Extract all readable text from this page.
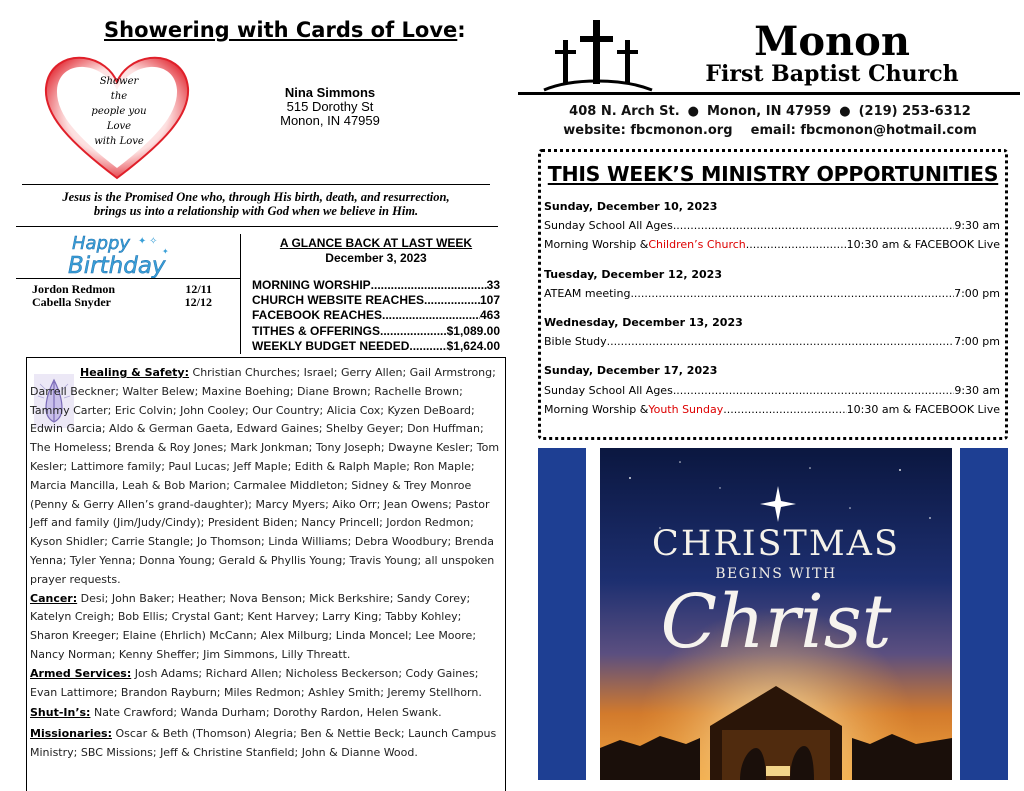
Showering with Cards of Love:
Shower
the
people you
Love
with Love
Nina Simmons
515 Dorothy St
Monon, IN 47959
Jesus is the Promised One who, through His birth, death, and resurrection,
brings us into a relationship with God when we believe in Him.
Happy
Birthday
✦ ✧
✦
Jordon Redmon	12/11
Cabella Snyder	12/12
A GLANCE BACK AT LAST WEEK
December 3, 2023
MORNING WORSHIP .....	33
CHURCH WEBSITE REACHES .....	107
FACEBOOK REACHES .....	463
TITHES & OFFERINGS .....	$1,089.00
WEEKLY BUDGET NEEDED .....	$1,624.00

Healing & Safety: Christian Churches; Israel; Gerry Allen; Gail Armstrong; Darrell Beckner; Walter Belew; Maxine Boehing; Diane Brown; Rachelle Brown; Tammy Carter; Eric Colvin; John Cooley; Our Country; Alicia Cox; Kyzen DeBoard; Edwin Garcia; Aldo & German Gaeta, Edward Gaines; Shelby Geyer; Don Huffman; The Homeless; Brenda & Roy Jones; Mark Jonkman; Tony Joseph; Dwayne Kesler; Tom Kesler; Lattimore family; Paul Lucas; Jeff Maple; Edith & Ralph Maple; Ron Maple; Marcia Mancilla, Leah & Bob Marion; Carmalee Middleton; Sidney & Trey Monroe (Penny & Gerry Allen’s grand-daughter); Marcy Myers; Aiko Orr; Jean Owens; Pastor Jeff and family (Jim/Judy/Cindy); President Biden; Nancy Princell; Jordon Redmon; Kyson Shidler; Carrie Stangle; Jo Thomson; Linda Williams; Debra Woodbury; Brenda Yenna; Tyler Yenna; Donna Young; Gerald & Phyllis Young; Travis Young; all unspoken prayer requests.

Cancer: Desi; John Baker; Heather; Nova Benson; Mick Berkshire; Sandy Corey; Katelyn Creigh; Bob Ellis; Crystal Gant; Kent Harvey; Larry King; Tabby Kohley; Sharon Kreeger; Elaine (Ehrlich) McCann; Alex Milburg; Linda Moncel; Lee Moore; Nancy Norman; Kenny Sheffer; Jim Simmons, Lilly Threatt.

Armed Services: Josh Adams; Richard Allen; Nicholess Beckerson; Cody Gaines; Evan Lattimore; Brandon Rayburn; Miles Redmon; Ashley Smith; Jeremy Stellhorn.

Shut-In’s: Nate Crawford; Wanda Durham; Dorothy Rardon, Helen Swank.

Missionaries: Oscar & Beth (Thomson) Alegria; Ben & Nettie Beck; Launch Campus Ministry; SBC Missions; Jeff & Christine Stanfield; John & Dianne Wood.

Monon
First Baptist Church
408 N. Arch St. ● Monon, IN 47959 ● (219) 253-6312
website: fbcmonon.org email: fbcmonon@hotmail.com
THIS WEEK’S MINISTRY OPPORTUNITIES
Sunday, December 10, 2023
Sunday School All Ages .....	9:30 am
Morning Worship & Children’s Church .....	10:30 am & FACEBOOK Live
Tuesday, December 12, 2023
ATEAM meeting .....	7:00 pm
Wednesday, December 13, 2023
Bible Study .....	7:00 pm
Sunday, December 17, 2023
Sunday School All Ages .....	9:30 am
Morning Worship & Youth Sunday .....	10:30 am & FACEBOOK Live
CHRISTMAS
BEGINS WITH
Christ
